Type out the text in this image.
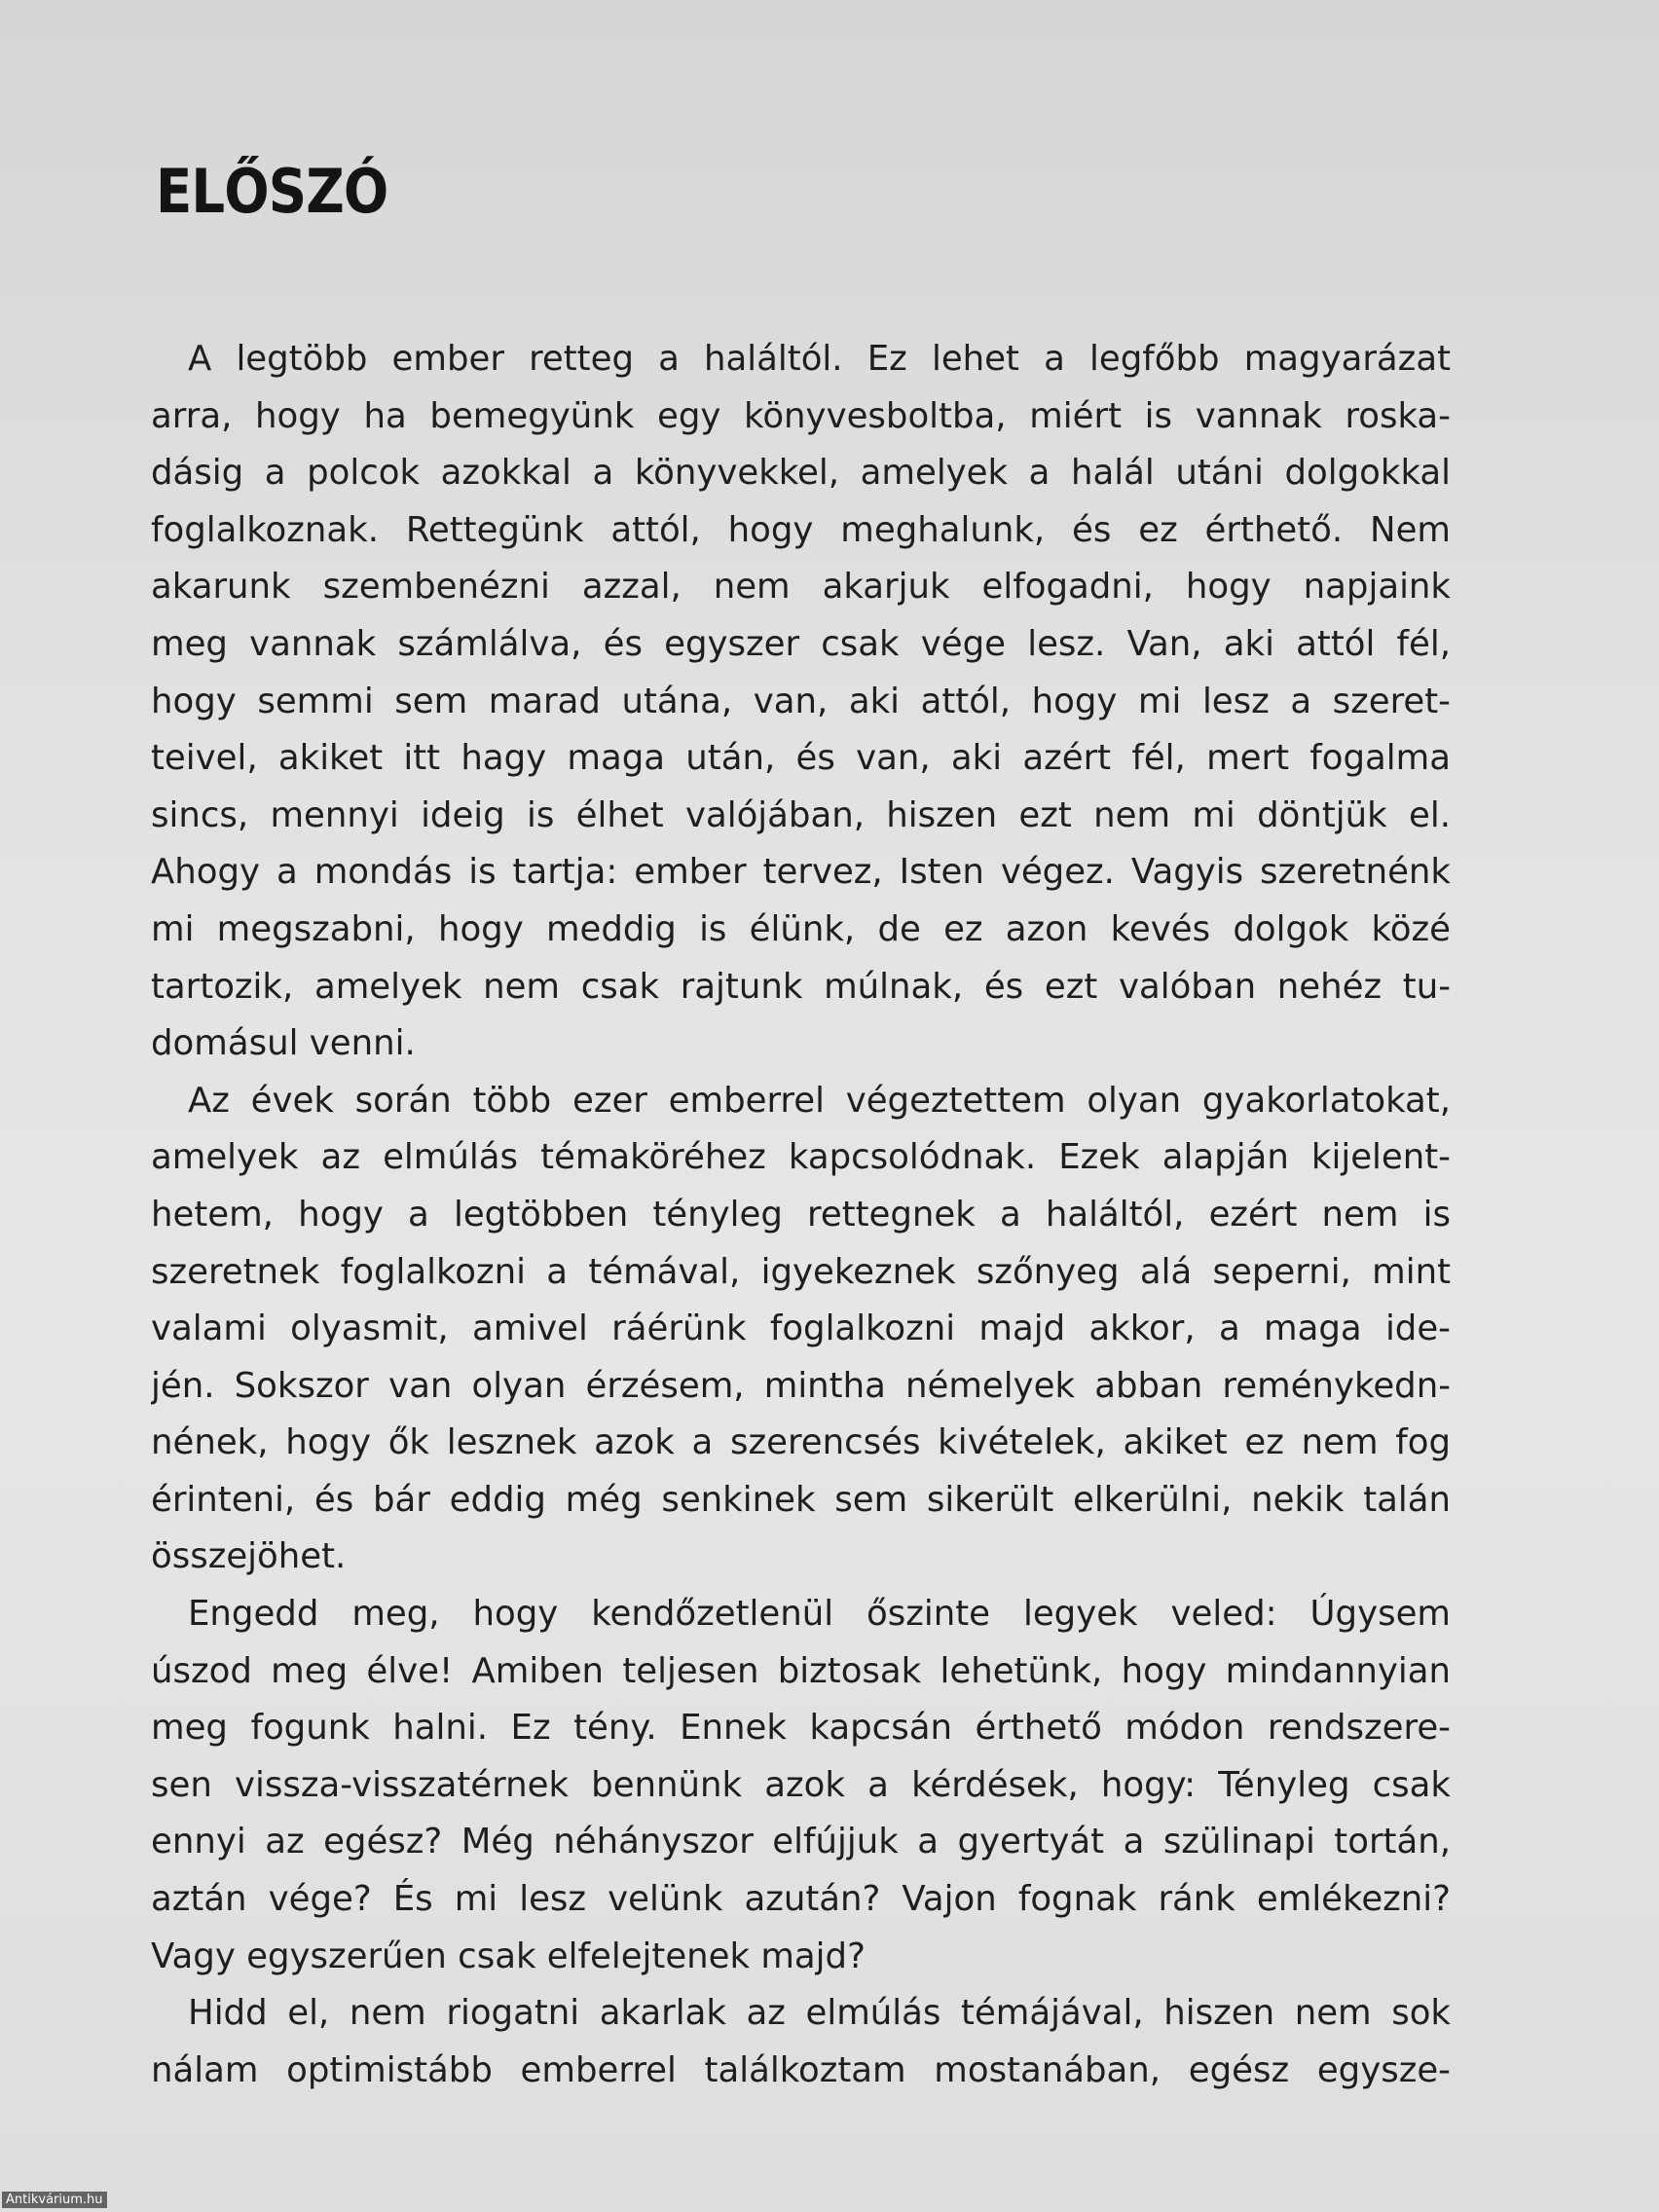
ELŐSZÓ
A legtöbb ember retteg a haláltól. Ez lehet a legfőbb magyarázat
arra, hogy ha bemegyünk egy könyvesboltba, miért is vannak roska-
dásig a polcok azokkal a könyvekkel, amelyek a halál utáni dolgokkal
foglalkoznak. Rettegünk attól, hogy meghalunk, és ez érthető. Nem
akarunk szembenézni azzal, nem akarjuk elfogadni, hogy napjaink
meg vannak számlálva, és egyszer csak vége lesz. Van, aki attól fél,
hogy semmi sem marad utána, van, aki attól, hogy mi lesz a szeret-
teivel, akiket itt hagy maga után, és van, aki azért fél, mert fogalma
sincs, mennyi ideig is élhet valójában, hiszen ezt nem mi döntjük el.
Ahogy a mondás is tartja: ember tervez, Isten végez. Vagyis szeretnénk
mi megszabni, hogy meddig is élünk, de ez azon kevés dolgok közé
tartozik, amelyek nem csak rajtunk múlnak, és ezt valóban nehéz tu-
domásul venni.
Az évek során több ezer emberrel végeztettem olyan gyakorlatokat,
amelyek az elmúlás témaköréhez kapcsolódnak. Ezek alapján kijelent-
hetem, hogy a legtöbben tényleg rettegnek a haláltól, ezért nem is
szeretnek foglalkozni a témával, igyekeznek szőnyeg alá seperni, mint
valami olyasmit, amivel ráérünk foglalkozni majd akkor, a maga ide-
jén. Sokszor van olyan érzésem, mintha némelyek abban reménykedn-
nének, hogy ők lesznek azok a szerencsés kivételek, akiket ez nem fog
érinteni, és bár eddig még senkinek sem sikerült elkerülni, nekik talán
összejöhet.
Engedd meg, hogy kendőzetlenül őszinte legyek veled: Úgysem
úszod meg élve! Amiben teljesen biztosak lehetünk, hogy mindannyian
meg fogunk halni. Ez tény. Ennek kapcsán érthető módon rendszere-
sen vissza-visszatérnek bennünk azok a kérdések, hogy: Tényleg csak
ennyi az egész? Még néhányszor elfújjuk a gyertyát a szülinapi tortán,
aztán vége? És mi lesz velünk azután? Vajon fognak ránk emlékezni?
Vagy egyszerűen csak elfelejtenek majd?
Hidd el, nem riogatni akarlak az elmúlás témájával, hiszen nem sok
nálam optimistább emberrel találkoztam mostanában, egész egysze-
Antikvárium.hu
